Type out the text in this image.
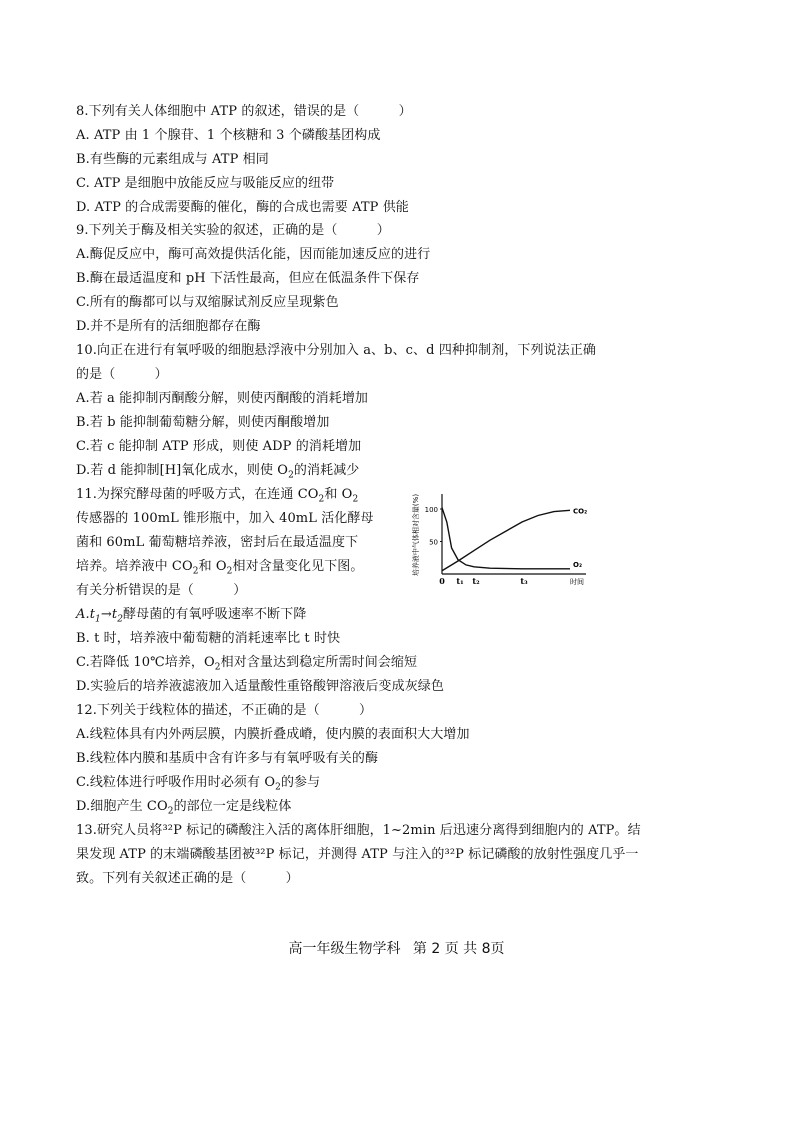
8.下列有关人体细胞中 ATP 的叙述，错误的是（　　　）
A. ATP 由 1 个腺苷、1 个核糖和 3 个磷酸基团构成
B.有些酶的元素组成与 ATP 相同
C. ATP 是细胞中放能反应与吸能反应的纽带
D. ATP 的合成需要酶的催化，酶的合成也需要 ATP 供能
9.下列关于酶及相关实验的叙述，正确的是（　　　）
A.酶促反应中，酶可高效提供活化能，因而能加速反应的进行
B.酶在最适温度和 pH 下活性最高，但应在低温条件下保存
C.所有的酶都可以与双缩脲试剂反应呈现紫色
D.并不是所有的活细胞都存在酶
10.向正在进行有氧呼吸的细胞悬浮液中分别加入 a、b、c、d 四种抑制剂，下列说法正确
的是（　　　）
A.若 a 能抑制丙酮酸分解，则使丙酮酸的消耗增加
B.若 b 能抑制葡萄糖分解，则使丙酮酸增加
C.若 c 能抑制 ATP 形成，则使 ADP 的消耗增加
D.若 d 能抑制[H]氧化成水，则使 $O_2$的消耗减少
11.为探究酵母菌的呼吸方式，在连通 $CO_2$和 $O_2$
传感器的 100mL 锥形瓶中，加入 40mL 活化酵母
菌和 60mL 葡萄糖培养液，密封后在最适温度下
培养。培养液中 $CO_2$和 $O_2$相对含量变化见下图。
有关分析错误的是（　　　）
$A.t_1\to t_2$酵母菌的有氧呼吸速率不断下降
B. t 时，培养液中葡萄糖的消耗速率比 t 时快
C.若降低 10℃培养，$O_2$相对含量达到稳定所需时间会缩短
D.实验后的培养液滤液加入适量酸性重铬酸钾溶液后变成灰绿色
培养液中气体相对含量(%) 100
50
0 t₁ t₂	t₃	时间
CO₂
O₂
12.下列关于线粒体的描述，不正确的是（　　　）
A.线粒体具有内外两层膜，内膜折叠成嵴，使内膜的表面积大大增加
B.线粒体内膜和基质中含有许多与有氧呼吸有关的酶
C.线粒体进行呼吸作用时必须有 $O_2$的参与
D.细胞产生 $CO_2$的部位一定是线粒体
13.研究人员将³²P 标记的磷酸注入活的离体肝细胞，1~2min 后迅速分离得到细胞内的 ATP。结
果发现 ATP 的末端磷酸基团被³²P 标记，并测得 ATP 与注入的³²P 标记磷酸的放射性强度几乎一
致。下列有关叙述正确的是（　　　）
高一年级生物学科 第 2 页 共 8页
